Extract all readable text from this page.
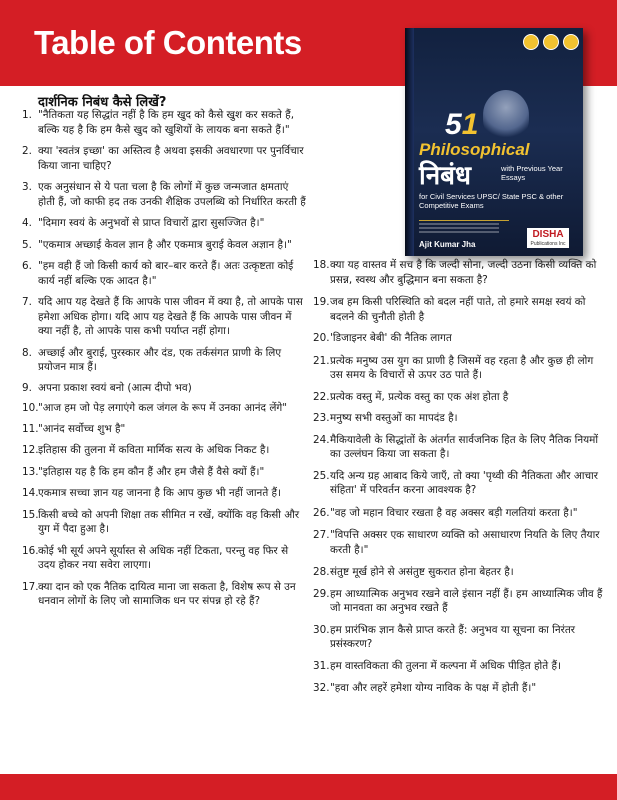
Table of Contents
51
Philosophical
निबंध	with Previous Year Essays
for Civil Services UPSC/ State PSC & other Competitive Exams
Ajit Kumar Jha
DISHA
Publications Inc
दार्शनिक निबंध कैसे लिखें?
1. "नैतिकता यह सिद्धांत नहीं है कि हम खुद को कैसे खुश कर सकते हैं, बल्कि यह है कि हम कैसे खुद को खुशियों के लायक बना सकते हैं।"
2. क्या 'स्वतंत्र इच्छा' का अस्तित्व है अथवा इसकी अवधारणा पर पुनर्विचार किया जाना चाहिए?
3. एक अनुसंधान से ये पता चला है कि लोगों में कुछ जन्मजात क्षमताएं होती हैं, जो काफी हद तक उनकी शैक्षिक उपलब्धि को निर्धारित करती हैं
4. "दिमाग स्वयं के अनुभवों से प्राप्त विचारों द्वारा सुसज्जित है।"
5. "एकमात्र अच्छाई केवल ज्ञान है और एकमात्र बुराई केवल अज्ञान है।"
6. "हम वही हैं जो किसी कार्य को बार–बार करते हैं। अतः उत्कृष्टता कोई कार्य नहीं बल्कि एक आदत है।"
7. यदि आप यह देखते हैं कि आपके पास जीवन में क्या है, तो आपके पास हमेशा अधिक होगा। यदि आप यह देखते हैं कि आपके पास जीवन में क्या नहीं है, तो आपके पास कभी पर्याप्त नहीं होगा।
8. अच्छाई और बुराई, पुरस्कार और दंड, एक तर्कसंगत प्राणी के लिए प्रयोजन मात्र हैं।
9. अपना प्रकाश स्वयं बनो (आत्म दीपो भव)
10. "आज हम जो पेड़ लगाएंगे कल जंगल के रूप में उनका आनंद लेंगे"
11. "आनंद सर्वोच्च शुभ है"
12. इतिहास की तुलना में कविता मार्मिक सत्य के अधिक निकट है।
13. "इतिहास यह है कि हम कौन हैं और हम जैसे हैं वैसे क्यों हैं।"
14. एकमात्र सच्चा ज्ञान यह जानना है कि आप कुछ भी नहीं जानते हैं।
15. किसी बच्चे को अपनी शिक्षा तक सीमित न रखें, क्योंकि वह किसी और युग में पैदा हुआ है।
16. कोई भी सूर्य अपने सूर्यास्त से अधिक नहीं टिकता, परन्तु वह फिर से उदय होकर नया सवेरा लाएगा।
17. क्या दान को एक नैतिक दायित्व माना जा सकता है, विशेष रूप से उन धनवान लोगों के लिए जो सामाजिक धन पर संपन्न हो रहे हैं?
18. क्या यह वास्तव में सच है कि जल्दी सोना, जल्दी उठना किसी व्यक्ति को प्रसन्न, स्वस्थ और बुद्धिमान बना सकता है?
19. जब हम किसी परिस्थिति को बदल नहीं पाते, तो हमारे समक्ष स्वयं को बदलने की चुनौती होती है
20. 'डिजाइनर बेबी' की नैतिक लागत
21. प्रत्येक मनुष्य उस युग का प्राणी है जिसमें वह रहता है और कुछ ही लोग उस समय के विचारों से ऊपर उठ पाते हैं।
22. प्रत्येक वस्तु में, प्रत्येक वस्तु का एक अंश होता है
23. मनुष्य सभी वस्तुओं का मापदंड है।
24. मैकियावेली के सिद्धांतों के अंतर्गत सार्वजनिक हित के लिए नैतिक नियमों का उल्लंघन किया जा सकता है।
25. यदि अन्य ग्रह आबाद किये जाएँ, तो क्या 'पृथ्वी की नैतिकता और आचार संहिता' में परिवर्तन करना आवश्यक है?
26. "वह जो महान विचार रखता है वह अक्सर बड़ी गलतियां करता है।"
27. "विपत्ति अक्सर एक साधारण व्यक्ति को असाधारण नियति के लिए तैयार करती है।"
28. संतुष्ट मूर्ख होने से असंतुष्ट सुकरात होना बेहतर है।
29. हम आध्यात्मिक अनुभव रखने वाले इंसान नहीं हैं। हम आध्यात्मिक जीव हैं जो मानवता का अनुभव रखते हैं
30. हम प्रारंभिक ज्ञान कैसे प्राप्त करते हैं: अनुभव या सूचना का निरंतर प्रसंस्करण?
31. हम वास्तविकता की तुलना में कल्पना में अधिक पीड़ित होते हैं।
32. "हवा और लहरें हमेशा योग्य नाविक के पक्ष में होती हैं।"
